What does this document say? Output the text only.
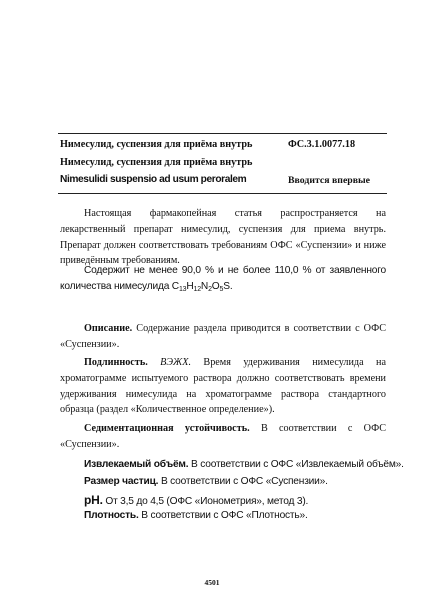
Нимесулид, суспензия для приёма внутрь	ФС.3.1.0077.18
Нимесулид, суспензия для приёма внутрь
Nimesulidi suspensio ad usum peroralem	Вводится впервые
Настоящая фармакопейная статья распространяется на лекарственный препарат нимесулид, суспензия для приема внутрь. Препарат должен соответствовать требованиям ОФС «Суспензии» и ниже приведённым требованиям.
Содержит не менее 90,0 % и не более 110,0 % от заявленного количества нимесулида $C_{13}H_{12}N_2O_5S$.
Описание. Содержание раздела приводится в соответствии с ОФС «Суспензии».
Подлинность. ВЭЖХ. Время удерживания нимесулида на хроматограмме испытуемого раствора должно соответствовать времени удерживания нимесулида на хроматограмме раствора стандартного образца (раздел «Количественное определение»).
Седиментационная устойчивость. В соответствии с ОФС «Суспензии».
Извлекаемый объём. В соответствии с ОФС «Извлекаемый объём».
Размер частиц. В соответствии с ОФС «Суспензии».
pH. От 3,5 до 4,5 (ОФС «Ионометрия», метод 3).
Плотность. В соответствии с ОФС «Плотность».
4501
